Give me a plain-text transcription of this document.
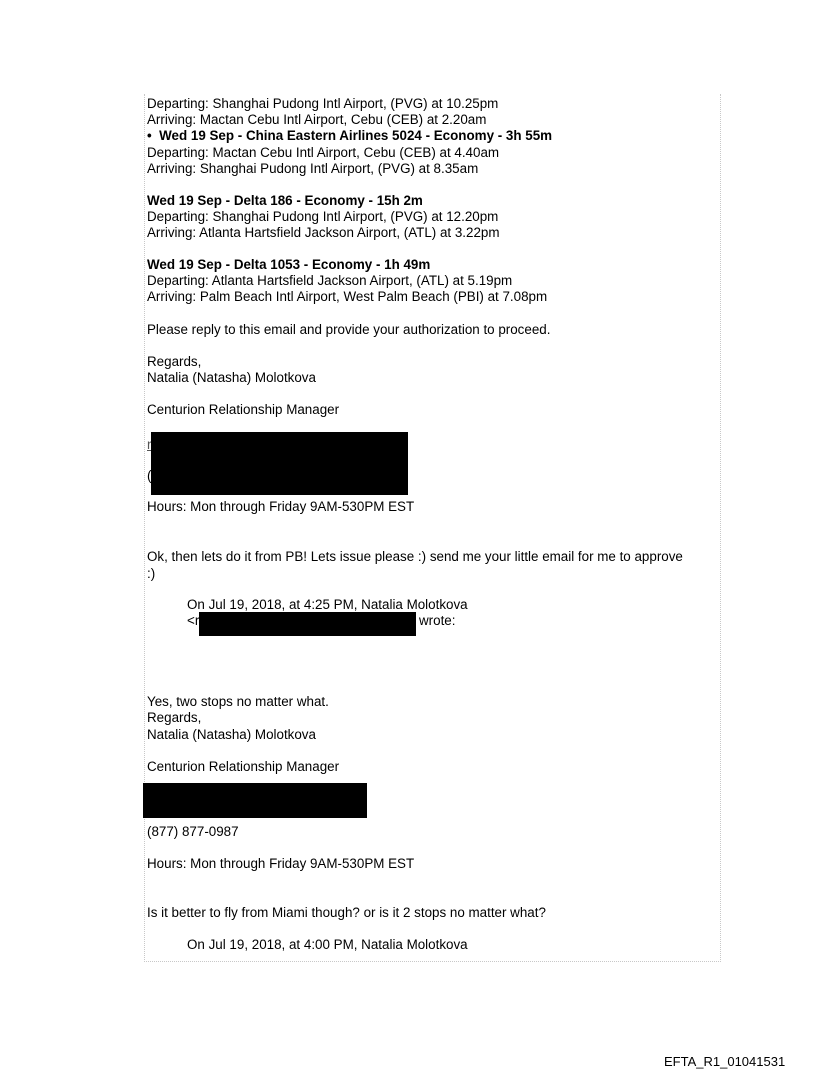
Departing: Shanghai Pudong Intl Airport, (PVG) at 10.25pm
Arriving: Mactan Cebu Intl Airport, Cebu (CEB) at 2.20am
•  Wed 19 Sep - China Eastern Airlines 5024 - Economy - 3h 55m
Departing: Mactan Cebu Intl Airport, Cebu (CEB) at 4.40am
Arriving: Shanghai Pudong Intl Airport, (PVG) at 8.35am
Wed 19 Sep - Delta 186 - Economy - 15h 2m
Departing: Shanghai Pudong Intl Airport, (PVG) at 12.20pm
Arriving: Atlanta Hartsfield Jackson Airport, (ATL) at 3.22pm
Wed 19 Sep - Delta 1053 - Economy - 1h 49m
Departing: Atlanta Hartsfield Jackson Airport, (ATL) at 5.19pm
Arriving: Palm Beach Intl Airport, West Palm Beach (PBI) at 7.08pm
Please reply to this email and provide your authorization to proceed.
Regards,
Natalia (Natasha) Molotkova
Centurion Relationship Manager
r
(
Hours: Mon through Friday 9AM-530PM EST
Ok, then lets do it from PB! Lets issue please :) send me your little email for me to approve
:)
On Jul 19, 2018, at 4:25 PM, Natalia Molotkova
<r	wrote:
Yes, two stops no matter what.
Regards,
Natalia (Natasha) Molotkova
Centurion Relationship Manager
(877) 877-0987
Hours: Mon through Friday 9AM-530PM EST
Is it better to fly from Miami though? or is it 2 stops no matter what?
On Jul 19, 2018, at 4:00 PM, Natalia Molotkova
EFTA_R1_01041531
